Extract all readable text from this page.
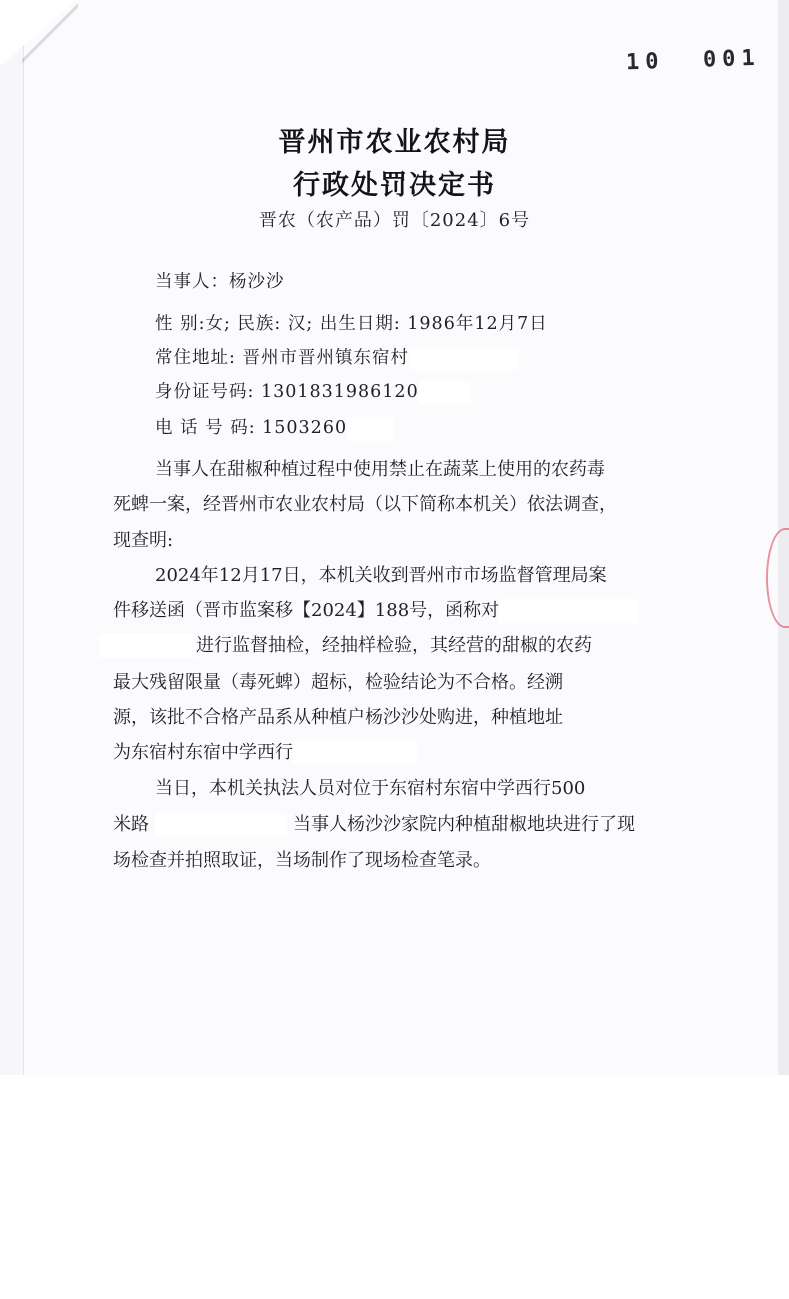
10  001
晋州市农业农村局
行政处罚决定书
晋农（农产品）罚〔2024〕6号
当事人：杨沙沙
性 别:女; 民族: 汉; 出生日期: 1986年12月7日
常住地址: 晋州市晋州镇东宿村
身份证号码: 1301831986120
电 话 号 码: 1503260
当事人在甜椒种植过程中使用禁止在蔬菜上使用的农药毒
死蜱一案，经晋州市农业农村局（以下简称本机关）依法调查，
现查明:
2024年12月17日，本机关收到晋州市市场监督管理局案
件移送函（晋市监案移【2024】188号，函称对
进行监督抽检，经抽样检验，其经营的甜椒的农药
最大残留限量（毒死蜱）超标，检验结论为不合格。经溯
源，该批不合格产品系从种植户杨沙沙处购进，种植地址
为东宿村东宿中学西行
当日，本机关执法人员对位于东宿村东宿中学西行500
米路	当事人杨沙沙家院内种植甜椒地块进行了现
场检查并拍照取证，当场制作了现场检查笔录。
